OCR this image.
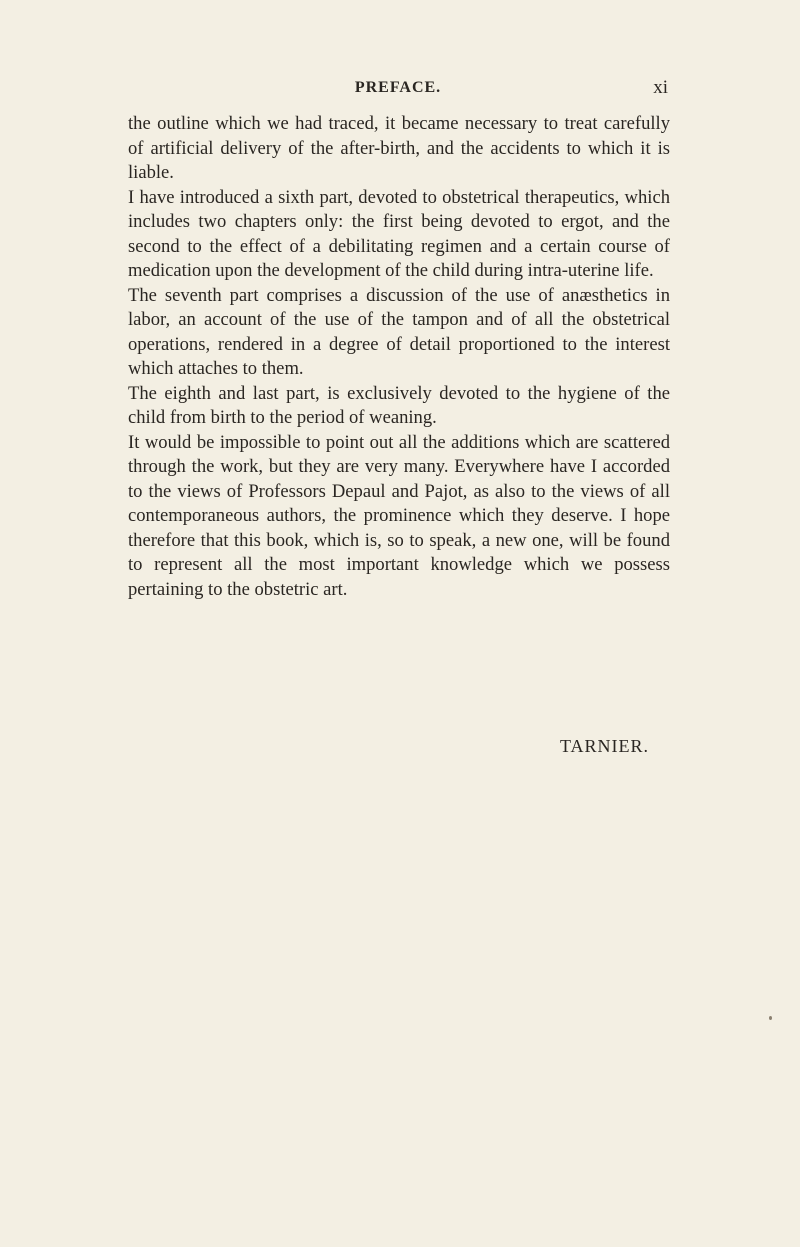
PREFACE.	xi

the outline which we had traced, it became necessary to treat carefully of artificial delivery of the after-birth, and the accidents to which it is liable.

I have introduced a sixth part, devoted to obstetrical therapeutics, which includes two chapters only: the first being devoted to ergot, and the second to the effect of a debilitating regimen and a certain course of medication upon the development of the child during intra-uterine life.

The seventh part comprises a discussion of the use of anæsthetics in labor, an account of the use of the tampon and of all the obstetrical operations, rendered in a degree of detail proportioned to the interest which attaches to them.

The eighth and last part, is exclusively devoted to the hygiene of the child from birth to the period of weaning.

It would be impossible to point out all the additions which are scattered through the work, but they are very many. Everywhere have I accorded to the views of Professors Depaul and Pajot, as also to the views of all contemporaneous authors, the prominence which they deserve. I hope therefore that this book, which is, so to speak, a new one, will be found to represent all the most important knowledge which we possess pertaining to the obstetric art.

TARNIER.
